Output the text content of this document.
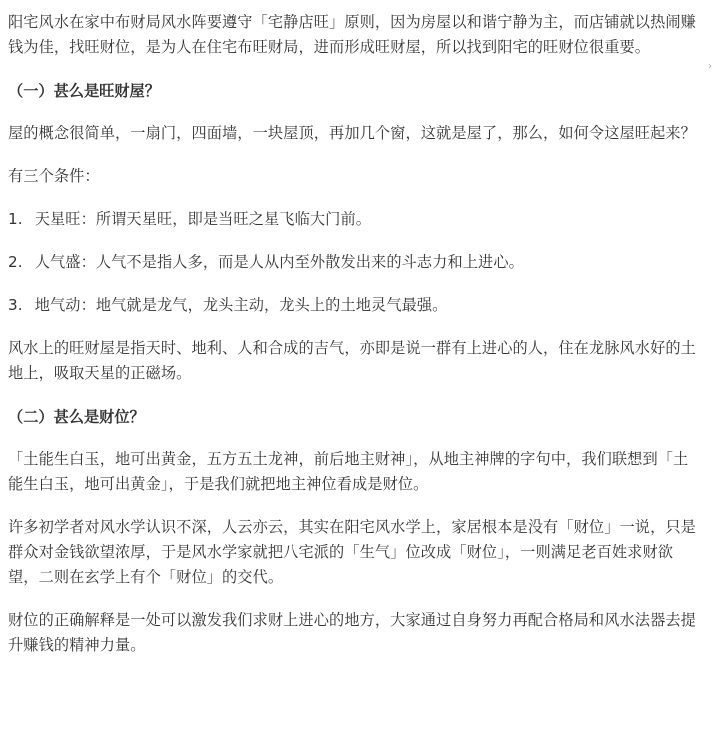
阳宅风水在家中布财局风水阵要遵守「宅静店旺」原则，因为房屋以和谐宁静为主，而店铺就以热闹赚钱为佳，找旺财位，是为人在住宅布旺财局，进而形成旺财屋，所以找到阳宅的旺财位很重要。

（一）甚么是旺财屋？

屋的概念很简单，一扇门，四面墙，一块屋顶，再加几个窗，这就是屋了，那么，如何令这屋旺起来？

有三个条件：

1. 天星旺：所谓天星旺，即是当旺之星飞临大门前。

2. 人气盛：人气不是指人多，而是人从内至外散发出来的斗志力和上进心。

3. 地气动：地气就是龙气，龙头主动，龙头上的土地灵气最强。

风水上的旺财屋是指天时、地利、人和合成的吉气，亦即是说一群有上进心的人，住在龙脉风水好的土地上，吸取天星的正磁场。

（二）甚么是财位？

「土能生白玉，地可出黄金，五方五土龙神，前后地主财神」，从地主神牌的字句中，我们联想到「土能生白玉，地可出黄金」，于是我们就把地主神位看成是财位。

许多初学者对风水学认识不深，人云亦云，其实在阳宅风水学上，家居根本是没有「财位」一说，只是群众对金钱欲望浓厚，于是风水学家就把八宅派的「生气」位改成「财位」，一则满足老百姓求财欲望，二则在玄学上有个「财位」的交代。

财位的正确解释是一处可以激发我们求财上进心的地方，大家通过自身努力再配合格局和风水法器去提升赚钱的精神力量。

›
